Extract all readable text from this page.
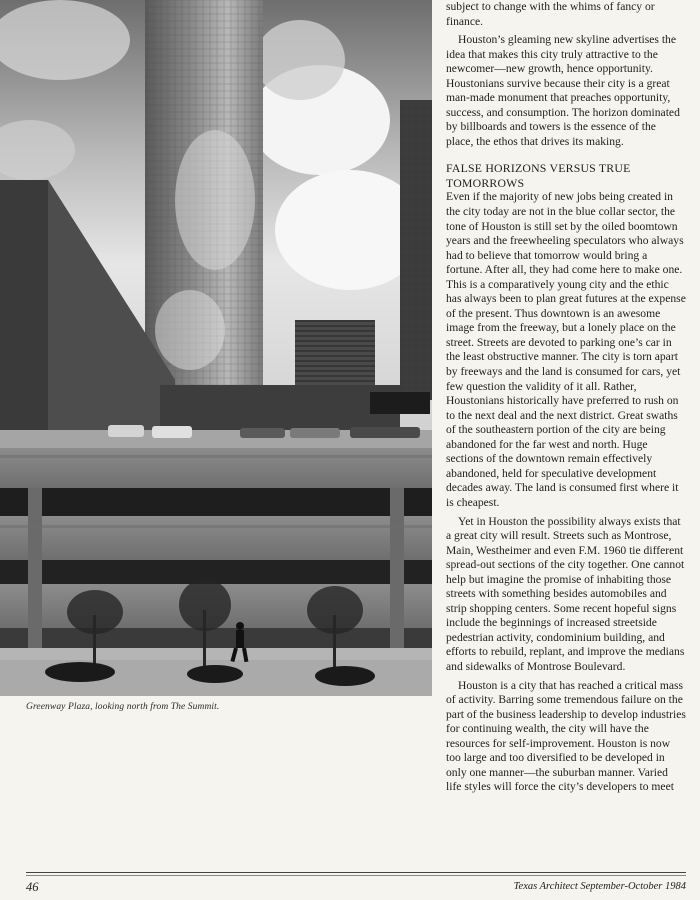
Greenway Plaza, looking north from The Summit.

subject to change with the whims of fancy or finance.

Houston’s gleaming new skyline advertises the idea that makes this city truly attractive to the newcomer—new growth, hence opportunity. Houstonians survive because their city is a great man-made monument that preaches opportunity, success, and consumption. The horizon dominated by billboards and towers is the essence of the place, the ethos that drives its making.

FALSE HORIZONS VERSUS TRUE TOMORROWS

Even if the majority of new jobs being created in the city today are not in the blue collar sector, the tone of Houston is still set by the oiled boomtown years and the freewheeling speculators who always had to believe that tomorrow would bring a fortune. After all, they had come here to make one. This is a comparatively young city and the ethic has always been to plan great futures at the expense of the present. Thus downtown is an awesome image from the freeway, but a lonely place on the street. Streets are devoted to parking one’s car in the least obstructive manner. The city is torn apart by freeways and the land is consumed for cars, yet few question the validity of it all. Rather, Houstonians historically have preferred to rush on to the next deal and the next district. Great swaths of the southeastern portion of the city are being abandoned for the far west and north. Huge sections of the downtown remain effectively abandoned, held for speculative development decades away. The land is consumed first where it is cheapest.

Yet in Houston the possibility always exists that a great city will result. Streets such as Montrose, Main, Westheimer and even F.M. 1960 tie different spread-out sections of the city together. One cannot help but imagine the promise of inhabiting those streets with something besides automobiles and strip shopping centers. Some recent hopeful signs include the beginnings of increased streetside pedestrian activity, condominium building, and efforts to rebuild, replant, and improve the medians and sidewalks of Montrose Boulevard.

Houston is a city that has reached a critical mass of activity. Barring some tremendous failure on the part of the business leadership to develop industries for continuing wealth, the city will have the resources for self-improvement. Houston is now too large and too diversified to be developed in only one manner—the suburban manner. Varied life styles will force the city’s developers to meet

46	Texas Architect September-October 1984
